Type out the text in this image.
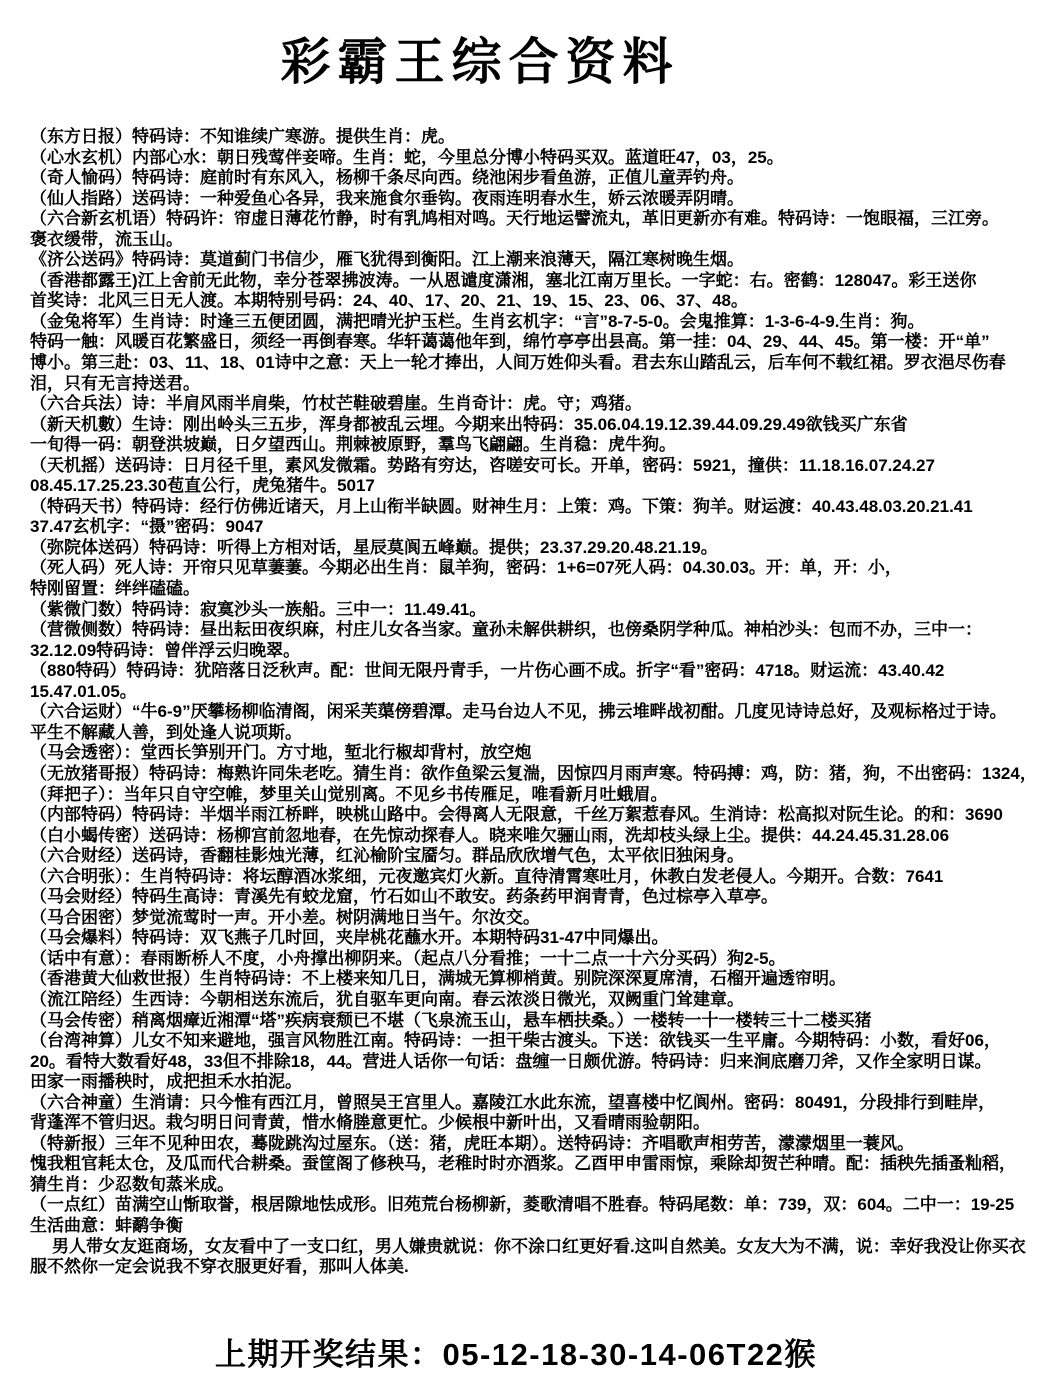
彩霸王综合资料
（东方日报）特码诗：不知谁续广寒游。提供生肖：虎。
（心水玄机）内部心水：朝日残莺伴妾啼。生肖：蛇，今里总分博小特码买双。蓝道旺47，03，25。
（奇人愉码）特码诗：庭前时有东风入，杨柳千条尽向西。绕池闲步看鱼游，正值儿童弄钓舟。
（仙人指路）送码诗：一种爱鱼心各异，我来施食尔垂钩。夜雨连明春水生，娇云浓暖弄阴晴。
（六合新玄机语）特码许：帘虚日薄花竹静，时有乳鸠相对鸣。天行地运譬流丸，革旧更新亦有难。特码诗：一饱眼福，三江旁。
褒衣缓带，流玉山。
《济公送码》特码诗：莫道蓟门书信少，雁飞犹得到衡阳。江上潮来浪薄天，隔江寒树晚生烟。
（香港都露王)江上舍前无此物，幸分苍翠拂波涛。一从恩谴度潇湘，塞北江南万里长。一字蛇：右。密鹤：128047。彩王送你
首奖诗：北风三日无人渡。本期特别号码：24、40、17、20、21、19、15、23、06、37、48。
（金兔将军）生肖诗：时逢三五便团圆，满把晴光护玉栏。生肖玄机字：“言”8-7-5-0。会鬼推算：1-3-6-4-9.生肖：狗。
特码一触：风暖百花繁盛日，须经一再倒春寒。华轩蔼蔼他年到，绵竹亭亭出县高。第一挂：04、29、44、45。第一楼：开“单”
博小。第三赴：03、11、18、01诗中之意：天上一轮才捧出，人间万姓仰头看。君去东山踏乱云，后车何不载红裙。罗衣浥尽伤春
泪，只有无言持送君。
（六合兵法）诗：半肩风雨半肩柴，竹杖芒鞋破碧崖。生肖奇计：虎。守；鸡猪。
（新天机數）生诗：刚出岭头三五步，浑身都被乱云埋。今期来出特码：35.06.04.19.12.39.44.09.29.49欲钱买广东省
一旬得一码：朝登洪坡巅，日夕望西山。荆棘被原野，羣鸟飞翩翩。生肖稳：虎牛狗。
（天机摇）送码诗：日月径千里，素风发微霜。势路有穷达，咨嗟安可长。开单，密码：5921，撞供：11.18.16.07.24.27
08.45.17.25.23.30苞直公行，虎兔猪牛。5017
（特码天书）特码诗：经行仿佛近诸天，月上山衔半缺圆。财神生月：上策：鸡。下策：狗羊。财运渡：40.43.48.03.20.21.41
37.47玄机字：“摄”密码：9047
（弥院体送码）特码诗：听得上方相对话，星辰莫阆五峰巅。提供；23.37.29.20.48.21.19。
（死人码）死人诗：开帘只见草萋萋。今期必出生肖：鼠羊狗，密码：1+6=07死人码：04.30.03。开：单，开：小，
特刚留置：绊绊磕磕。
（紫微门数）特码诗：寂寞沙头一族船。三中一：11.49.41。
（营微侧数）特码诗：昼出耘田夜织麻，村庄儿女各当家。童孙未解供耕织，也傍桑阴学种瓜。神柏沙头：包而不办，三中一：
32.12.09特码诗：曾伴浮云归晚翠。
（880特码）特码诗：犹陪落日泛秋声。配：世间无限丹青手，一片伤心画不成。折字“看”密码：4718。财运流：43.40.42
15.47.01.05。
（六合运财）“牛6-9”厌攀杨柳临清阁，闲采芙蕖傍碧潭。走马台边人不见，拂云堆畔战初酣。几度见诗诗总好，及观标格过于诗。
平生不解藏人善，到处逢人说项斯。
（马会透密）：堂西长笋别开门。方寸地，堑北行椒却背村，放空炮
（无放猪哥报）特码诗：梅熟许同朱老吃。猜生肖：欲作鱼梁云复湍，因惊四月雨声寒。特码搏：鸡，防：猪，狗，不出密码：1324，
（拜把子）：当年只自守空帷，梦里关山觉别离。不见乡书传雁足，唯看新月吐蛾眉。
（内部特码）特码诗：半烟半雨江桥畔，映桃山路中。会得离人无限意，千丝万絮惹春风。生消诗：松高拟对阮生论。的和：3690
（白小蝎传密）送码诗：杨柳宫前忽地春，在先惊动探春人。晓来唯欠骊山雨，洗却枝头绿上尘。提供：44.24.45.31.28.06
（六合财经）送码诗，香翻桂影烛光薄，红沁榆阶宝靥匀。群品欣欣增气色，太平依旧独闲身。
（六合明张）：生肖特码诗：将坛醇酒冰浆细，元夜邀宾灯火新。直待清霄寒吐月，休教白发老侵人。今期开。合数：7641
（马会财经）特码生高诗：青溪先有蛟龙窟，竹石如山不敢安。药条药甲润青青，色过棕亭入草亭。
（马合困密）梦觉流莺时一声。开小差。树阴满地日当午。尔汝交。
（马会爆料）特码诗：双飞燕子几时回，夹岸桃花蘸水开。本期特码31-47中同爆出。
（话中有意）：春雨断桥人不度，小舟撑出柳阴来。（起点八分看推；一十二点一十六分买码）狗2-5。
（香港黄大仙救世报）生肖特码诗：不上楼来知几日，满城无算柳梢黄。别院深深夏席清，石榴开遍透帘明。
（流江陪经）生西诗：今朝相送东流后，犹自驱车更向南。春云浓淡日微光，双阙重门耸建章。
（马会传密）稍离烟瘴近湘潭“塔”疾病衰颓已不堪（飞泉流玉山，悬车栖扶桑。）一楼转一十一楼转三十二楼买猪
（台湾神算）儿女不知来避地，强言风物胜江南。特码诗：一担干柴古渡头。下送：欲钱买一生平庸。今期特码：小数，看好06，
20。看特大数看好48，33但不排除18，44。营进人话你一句话：盘缠一日颇优游。特码诗：归来涧底磨刀斧，又作全家明日谋。
田家一雨播秧时，成把担禾水拍泥。
（六合神童）生消请：只今惟有西江月，曾照吴王宫里人。嘉陵江水此东流，望喜楼中忆阆州。密码：80491，分段排行到畦岸，
背蓬浑不管归迟。栽匀明日问青黄，惜水脩塍意更忙。少候根中新叶出，又看晴雨验朝阳。
（特新报）三年不见种田农，蓦陇跳沟过屋东。（送：猪，虎旺本期）。送特码诗：齐唱歌声相劳苦，濛濛烟里一蓑风。
愧我粗官耗太仓，及瓜而代合耕桑。蚕筐阁了修秧马，老稚时时亦酒浆。乙酉甲申雷雨惊，乘除却贺芒种晴。配：插秧先插蚤籼稻，
猜生肖：少忍数旬蒸米成。
（一点红）苗满空山惭取誉，根居隙地怯成形。旧苑荒台杨柳新，菱歌清唱不胜春。特码尾数：单：739，双：604。二中一：19-25
生活曲意：蚌鹬争衡
男人带女友逛商场，女友看中了一支口红，男人嫌贵就说：你不涂口红更好看.这叫自然美。女友大为不满，说：幸好我没让你买衣
服不然你一定会说我不穿衣服更好看，那叫人体美.
上期开奖结果：05-12-18-30-14-06T22猴
